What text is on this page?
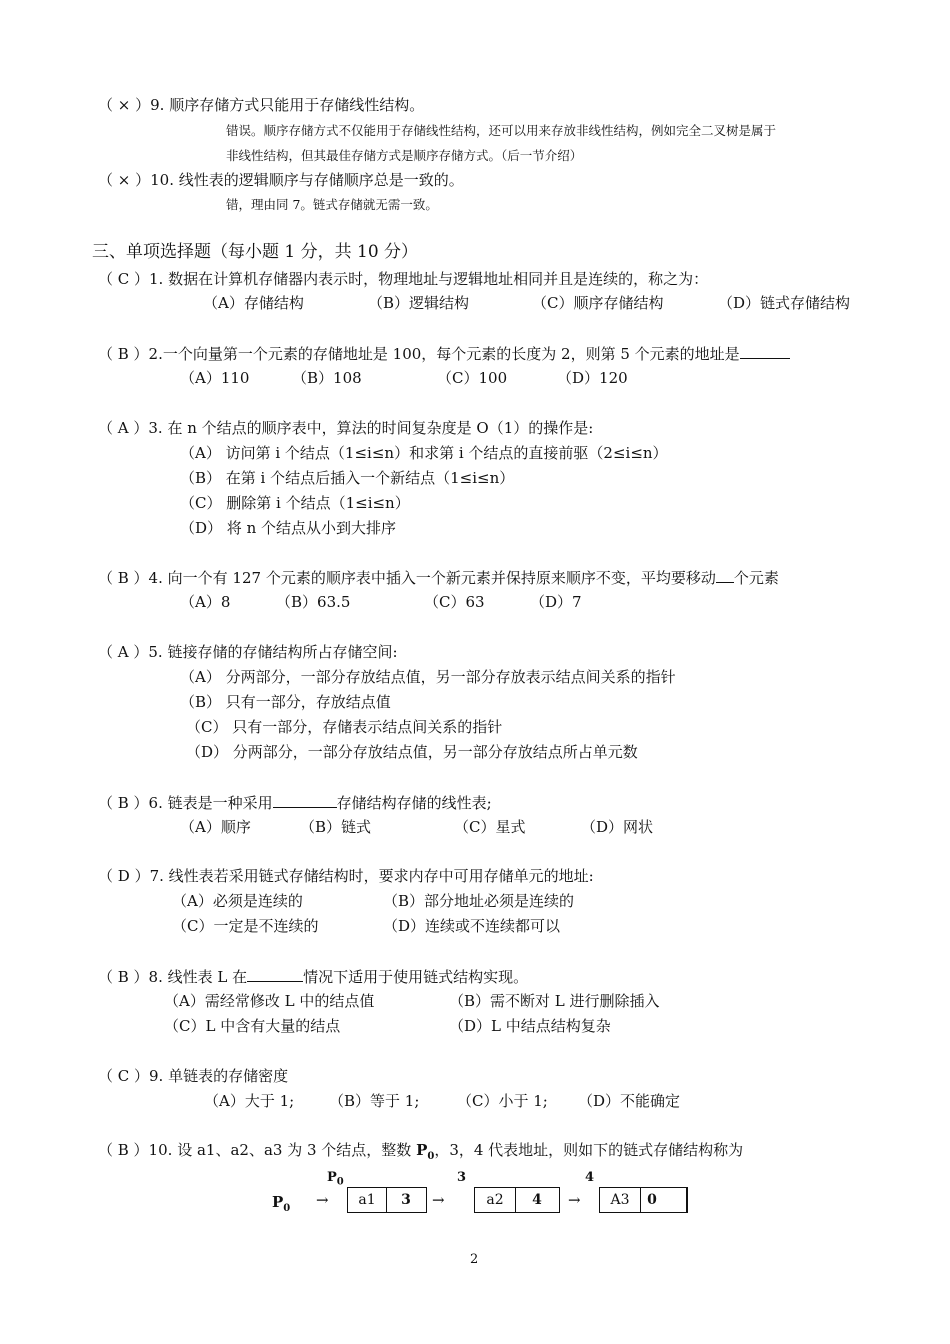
（ × ）9. 顺序存储方式只能用于存储线性结构。
错误。顺序存储方式不仅能用于存储线性结构，还可以用来存放非线性结构，例如完全二叉树是属于
非线性结构，但其最佳存储方式是顺序存储方式。（后一节介绍）
（ × ）10. 线性表的逻辑顺序与存储顺序总是一致的。
错，理由同 7。链式存储就无需一致。
三、单项选择题（每小题 1 分，共 10 分）
（ C ）1. 数据在计算机存储器内表示时，物理地址与逻辑地址相同并且是连续的，称之为：
（A）存储结构	（B）逻辑结构	（C）顺序存储结构	（D）链式存储结构
（ B ）2.一个向量第一个元素的存储地址是 100，每个元素的长度为 2，则第 5 个元素的地址是
（A）110	（B）108	（C）100	（D）120
（ A ）3. 在 n 个结点的顺序表中，算法的时间复杂度是 O（1）的操作是:
（A） 访问第 i 个结点（1≤i≤n）和求第 i 个结点的直接前驱（2≤i≤n）
（B） 在第 i 个结点后插入一个新结点（1≤i≤n）
（C） 删除第 i 个结点（1≤i≤n）
（D） 将 n 个结点从小到大排序
（ B ）4. 向一个有 127 个元素的顺序表中插入一个新元素并保持原来顺序不变，平均要移动 个元素
（A）8	（B）63.5	（C）63	（D）7
（ A ）5. 链接存储的存储结构所占存储空间:
（A） 分两部分，一部分存放结点值，另一部分存放表示结点间关系的指针
（B） 只有一部分，存放结点值
（C） 只有一部分，存储表示结点间关系的指针
（D） 分两部分，一部分存放结点值，另一部分存放结点所占单元数
（ B ）6. 链表是一种采用	存储结构存储的线性表;
（A）顺序	（B）链式	（C）星式	（D）网状
（ D ）7. 线性表若采用链式存储结构时，要求内存中可用存储单元的地址:
（A）必须是连续的	（B）部分地址必须是连续的
（C）一定是不连续的	（D）连续或不连续都可以
（ B ）8. 线性表 L 在	情况下适用于使用链式结构实现。
（A）需经常修改 L 中的结点值	（B）需不断对 L 进行删除插入
（C）L 中含有大量的结点	（D）L 中结点结构复杂
（ C ）9. 单链表的存储密度
（A）大于 1; （B）等于 1;	（C）小于 1; （D）不能确定
（ B ）10. 设 a1、a2、a3 为 3 个结点，整数 $P_0$，3，4 代表地址，则如下的链式存储结构称为
$P_0$ →
$P_0$
a1	3	→
3
a2	4	→
4
A3	0
2
